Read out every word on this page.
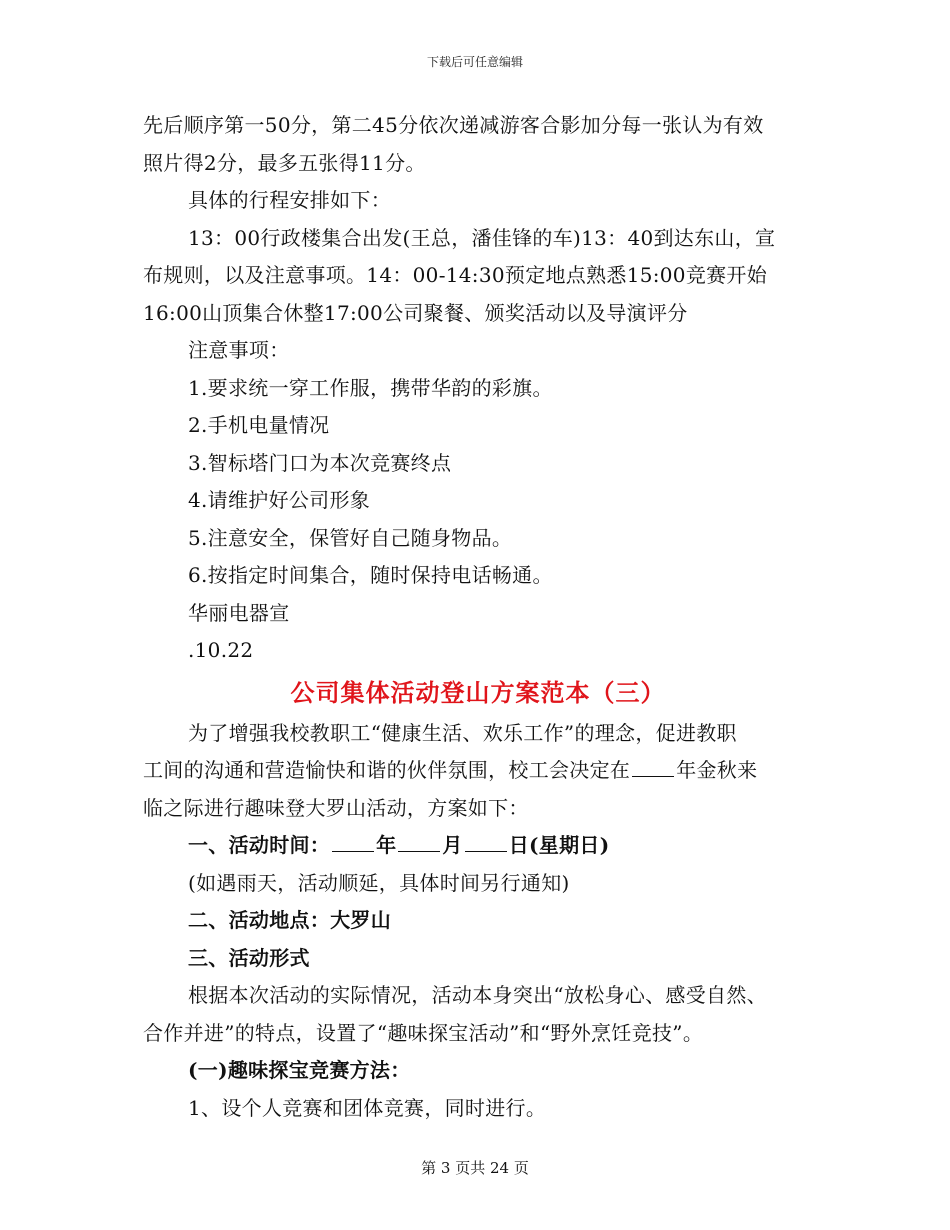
下载后可任意编辑

先后顺序第一50分，第二45分依次递减游客合影加分每一张认为有效

照片得2分，最多五张得11分。

具体的行程安排如下：

13：00行政楼集合出发(王总，潘佳锋的车)13：40到达东山，宣

布规则，以及注意事项。14：00-14:30预定地点熟悉15:00竞赛开始

16:00山顶集合休整17:00公司聚餐、颁奖活动以及导演评分

注意事项：

1.要求统一穿工作服，携带华韵的彩旗。

2.手机电量情况

3.智标塔门口为本次竞赛终点

4.请维护好公司形象

5.注意安全，保管好自己随身物品。

6.按指定时间集合，随时保持电话畅通。

华丽电器宣

.10.22

公司集体活动登山方案范本（三）

为了增强我校教职工“健康生活、欢乐工作”的理念，促进教职

工间的沟通和营造愉快和谐的伙伴氛围，校工会决定在 年金秋来

临之际进行趣味登大罗山活动，方案如下：

一、活动时间： 年 月 日(星期日)

(如遇雨天，活动顺延，具体时间另行通知)

二、活动地点：大罗山

三、活动形式

根据本次活动的实际情况，活动本身突出“放松身心、感受自然、

合作并进”的特点，设置了“趣味探宝活动”和“野外烹饪竞技”。

(一)趣味探宝竞赛方法：

1、设个人竞赛和团体竞赛，同时进行。

第 3 页共 24 页
